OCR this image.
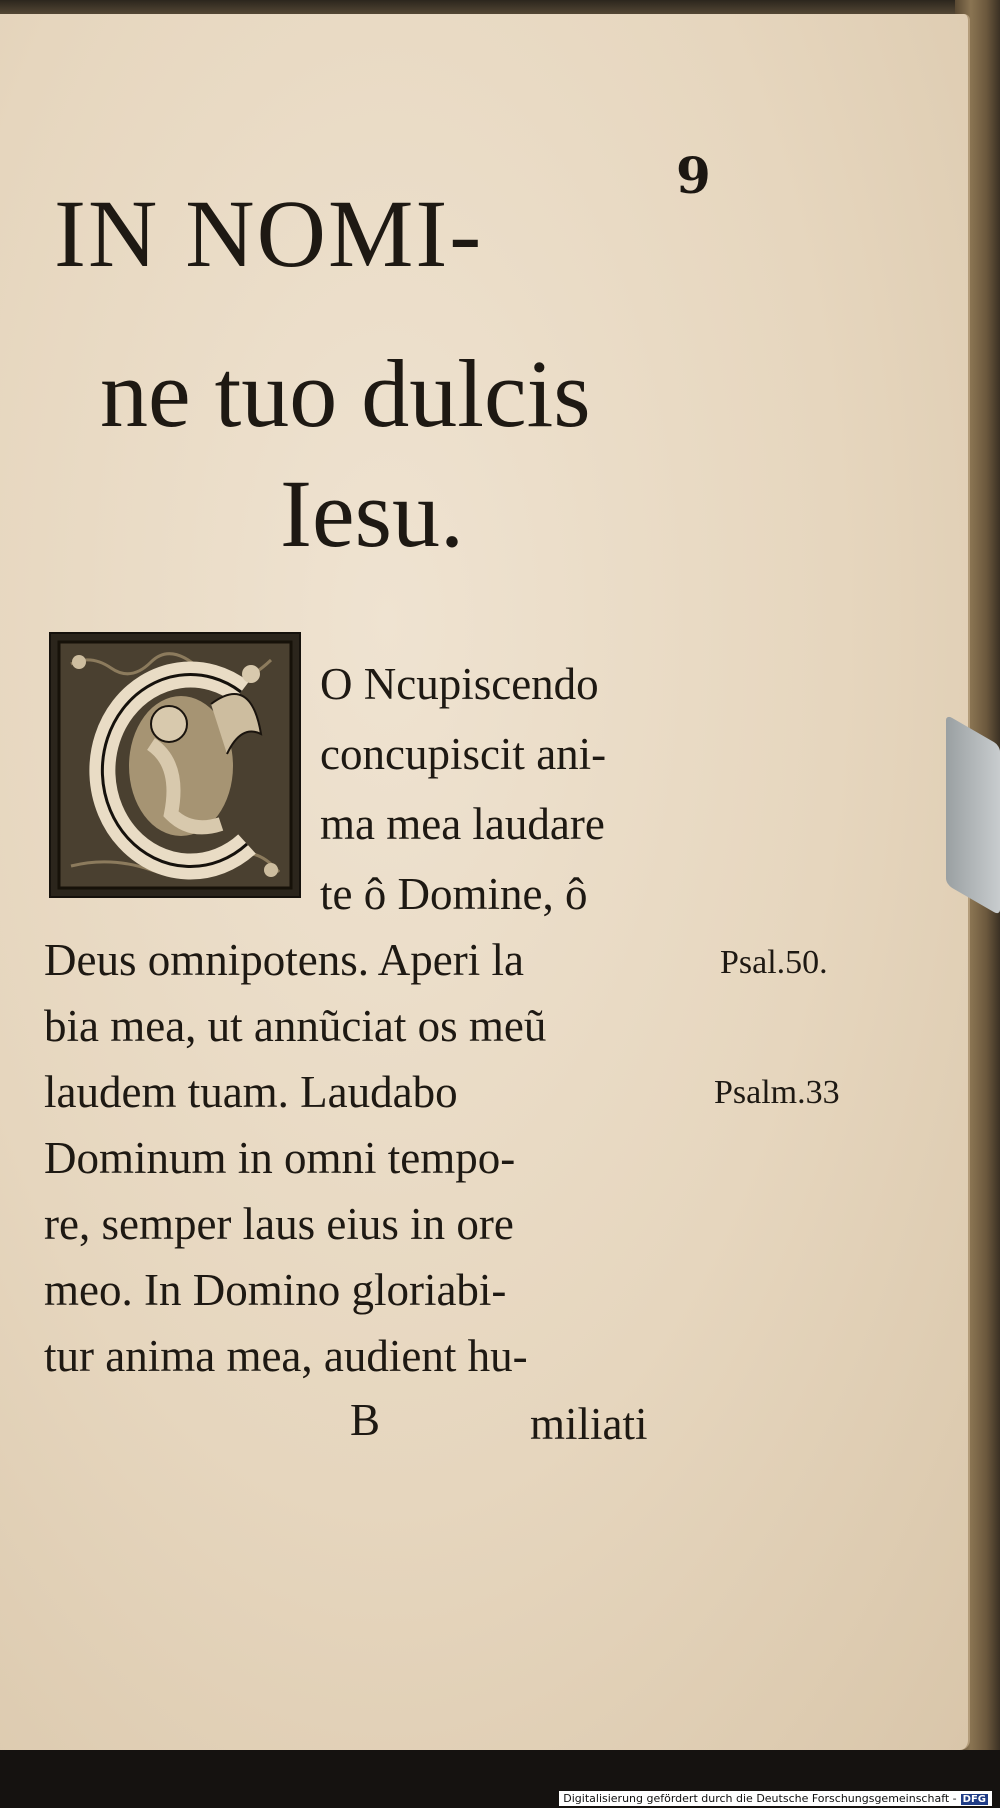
9
IN NOMI-
ne tuo dulcis
Iesu.
O Ncupiscendo
concupiscit ani-
ma mea laudare
te ô Domine, ô
Deus omnipotens. Aperi la
bia mea, ut annũciat os meũ
laudem tuam. Laudabo
Dominum in omni tempo-
re, semper laus eius in ore
meo. In Domino gloriabi-
tur anima mea, audient hu-
Psal.50.
Psalm.33
B	miliati
Digitalisierung gefördert durch die Deutsche Forschungsgemeinschaft - DFG
